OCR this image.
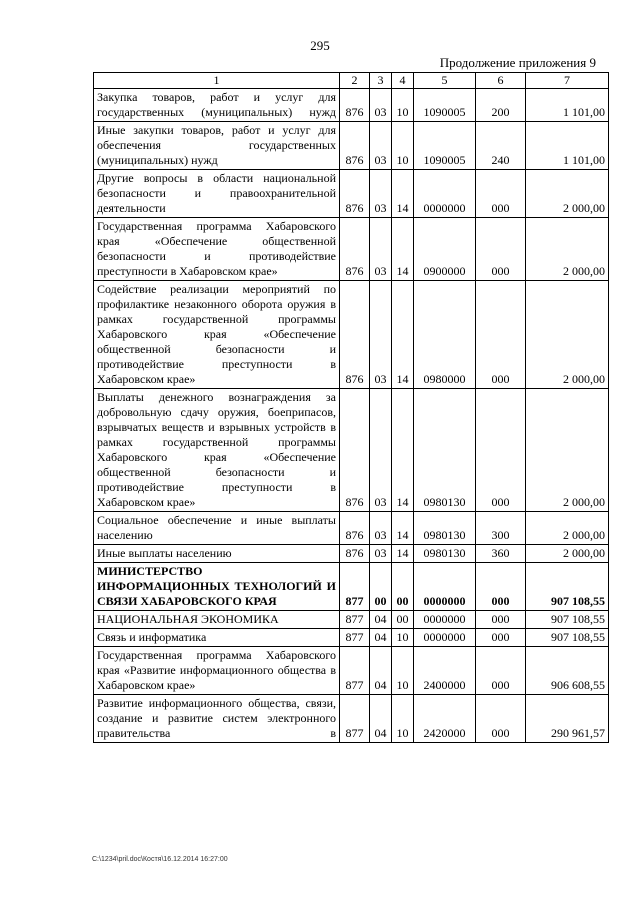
295
Продолжение приложения 9
1	2	3	4	5	6	7
Закупка товаров, работ и услуг для государственных (муниципальных) нужд	876	03	10	1090005	200	1 101,00
Иные закупки товаров, работ и услуг для обеспечения государственных (муниципальных) нужд	876	03	10	1090005	240	1 101,00
Другие вопросы в области национальной безопасности и правоохранительной деятельности	876	03	14	0000000	000	2 000,00
Государственная программа Хабаровского края «Обеспечение общественной безопасности и противодействие преступности в Хабаровском крае»	876	03	14	0900000	000	2 000,00
Содействие реализации мероприятий по профилактике незаконного оборота оружия в рамках государственной программы Хабаровского края «Обеспечение общественной безопасности и противодействие преступности в Хабаровском крае»	876	03	14	0980000	000	2 000,00
Выплаты денежного вознаграждения за добровольную сдачу оружия, боеприпасов, взрывчатых веществ и взрывных устройств в рамках государственной программы Хабаровского края «Обеспечение общественной безопасности и противодействие преступности в Хабаровском крае»	876	03	14	0980130	000	2 000,00
Социальное обеспечение и иные выплаты населению	876	03	14	0980130	300	2 000,00
Иные выплаты населению	876	03	14	0980130	360	2 000,00
МИНИСТЕРСТВО ИНФОРМАЦИОННЫХ ТЕХНОЛОГИЙ И СВЯЗИ ХАБАРОВСКОГО КРАЯ	877	00	00	0000000	000	907 108,55
НАЦИОНАЛЬНАЯ ЭКОНОМИКА	877	04	00	0000000	000	907 108,55
Связь и информатика	877	04	10	0000000	000	907 108,55
Государственная программа Хабаровского края «Развитие информационного общества в Хабаровском крае»	877	04	10	2400000	000	906 608,55
Развитие информационного общества, связи, создание и развитие систем электронного правительства в	877	04	10	2420000	000	290 961,57
C:\1234\pril.doc\Костя\16.12.2014 16:27:00
